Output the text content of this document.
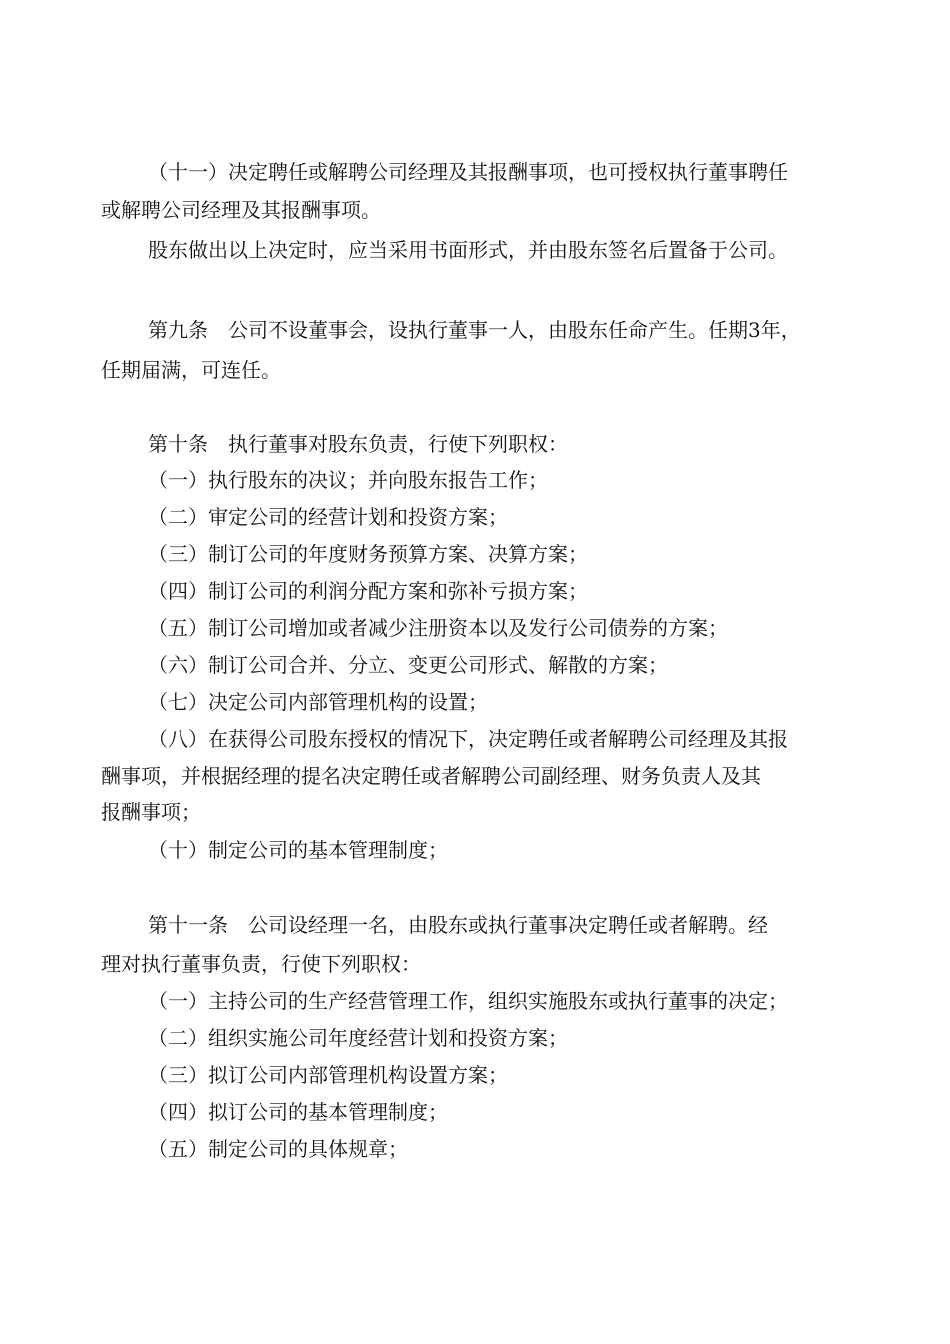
（十一）决定聘任或解聘公司经理及其报酬事项，也可授权执行董事聘任
或解聘公司经理及其报酬事项。
股东做出以上决定时，应当采用书面形式，并由股东签名后置备于公司。
第九条　公司不设董事会，设执行董事一人，由股东任命产生。任期3年，
任期届满，可连任。
第十条　执行董事对股东负责，行使下列职权：
（一）执行股东的决议；并向股东报告工作；
（二）审定公司的经营计划和投资方案；
（三）制订公司的年度财务预算方案、决算方案；
（四）制订公司的利润分配方案和弥补亏损方案；
（五）制订公司增加或者减少注册资本以及发行公司债券的方案；
（六）制订公司合并、分立、变更公司形式、解散的方案；
（七）决定公司内部管理机构的设置；
（八）在获得公司股东授权的情况下，决定聘任或者解聘公司经理及其报
酬事项，并根据经理的提名决定聘任或者解聘公司副经理、财务负责人及其
报酬事项；
（十）制定公司的基本管理制度；
第十一条　公司设经理一名，由股东或执行董事决定聘任或者解聘。经
理对执行董事负责，行使下列职权：
（一）主持公司的生产经营管理工作，组织实施股东或执行董事的决定；
（二）组织实施公司年度经营计划和投资方案；
（三）拟订公司内部管理机构设置方案；
（四）拟订公司的基本管理制度；
（五）制定公司的具体规章；
